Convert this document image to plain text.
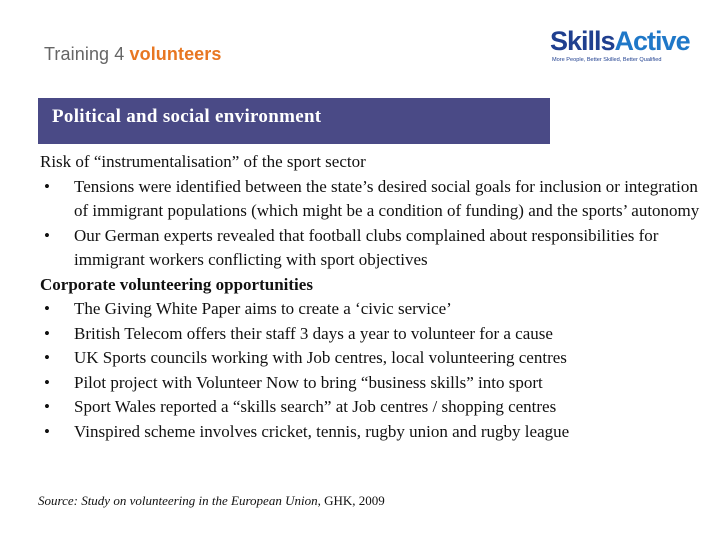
Training 4 volunteers	SkillsActive
More People, Better Skilled, Better Qualified
Political and social environment

Risk of “instrumentalisation” of the sport sector

•	Tensions were identified between the state’s desired social goals for inclusion or integration of immigrant populations (which might be a condition of funding) and the sports’ autonomy
•	Our German experts revealed that football clubs complained about responsibilities for immigrant workers conflicting with sport objectives

Corporate volunteering opportunities

•	The Giving White Paper aims to create a ‘civic service’
•	British Telecom offers their staff 3 days a year to volunteer for a cause
•	UK Sports councils working with Job centres, local volunteering centres
•	Pilot project with Volunteer Now to bring “business skills” into sport
•	Sport Wales reported a “skills search” at Job centres / shopping centres
•	Vinspired scheme involves cricket, tennis, rugby union and rugby league
Source: Study on volunteering in the European Union, GHK, 2009
